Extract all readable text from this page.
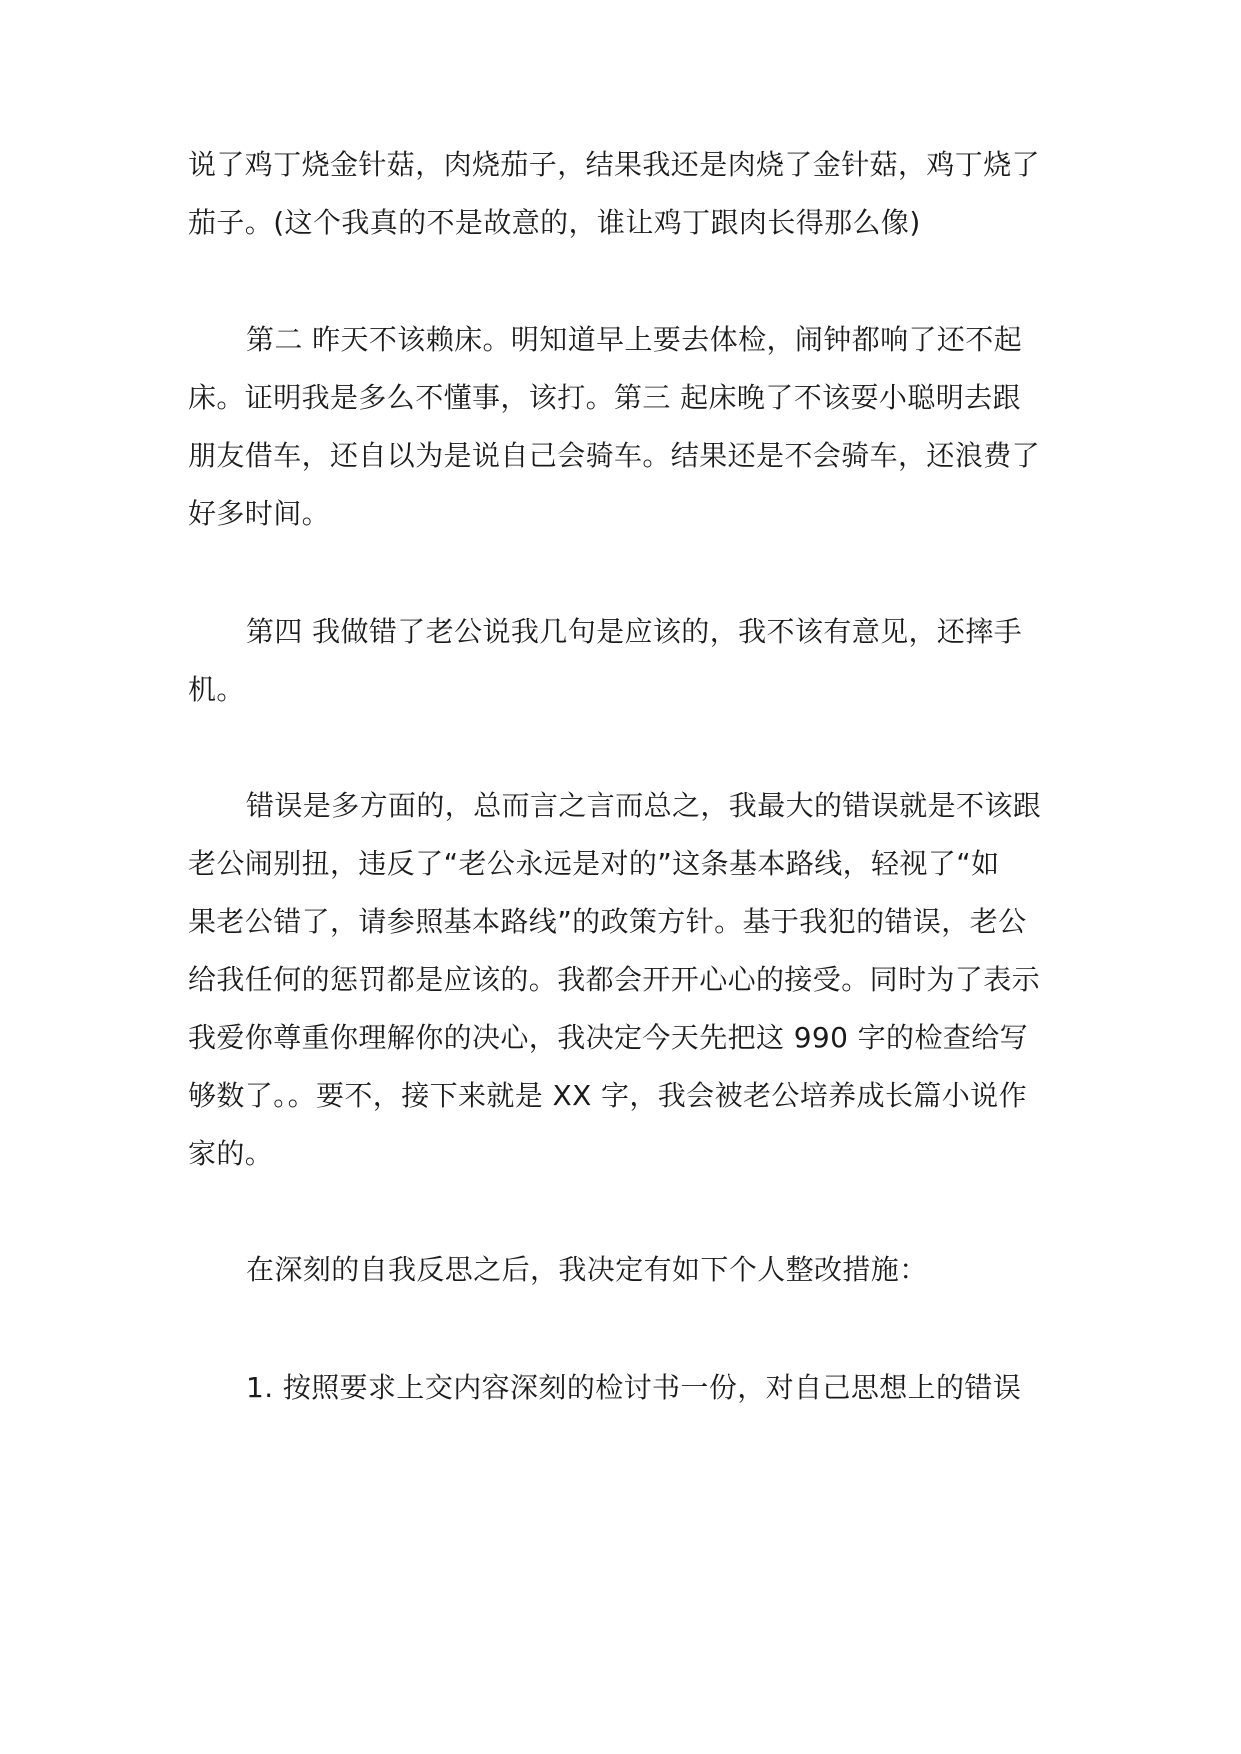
说了鸡丁烧金针菇，肉烧茄子，结果我还是肉烧了金针菇，鸡丁烧了
茄子。(这个我真的不是故意的，谁让鸡丁跟肉长得那么像)
第二 昨天不该赖床。明知道早上要去体检，闹钟都响了还不起
床。证明我是多么不懂事，该打。第三 起床晚了不该耍小聪明去跟
朋友借车，还自以为是说自己会骑车。结果还是不会骑车，还浪费了
好多时间。
第四 我做错了老公说我几句是应该的，我不该有意见，还摔手
机。
错误是多方面的，总而言之言而总之，我最大的错误就是不该跟
老公闹别扭，违反了“老公永远是对的”这条基本路线，轻视了“如
果老公错了，请参照基本路线”的政策方针。基于我犯的错误，老公
给我任何的惩罚都是应该的。我都会开开心心的接受。同时为了表示
我爱你尊重你理解你的决心，我决定今天先把这 990 字的检查给写
够数了。。要不，接下来就是 XX 字，我会被老公培养成长篇小说作
家的。
在深刻的自我反思之后，我决定有如下个人整改措施：
1. 按照要求上交内容深刻的检讨书一份，对自己思想上的错误
